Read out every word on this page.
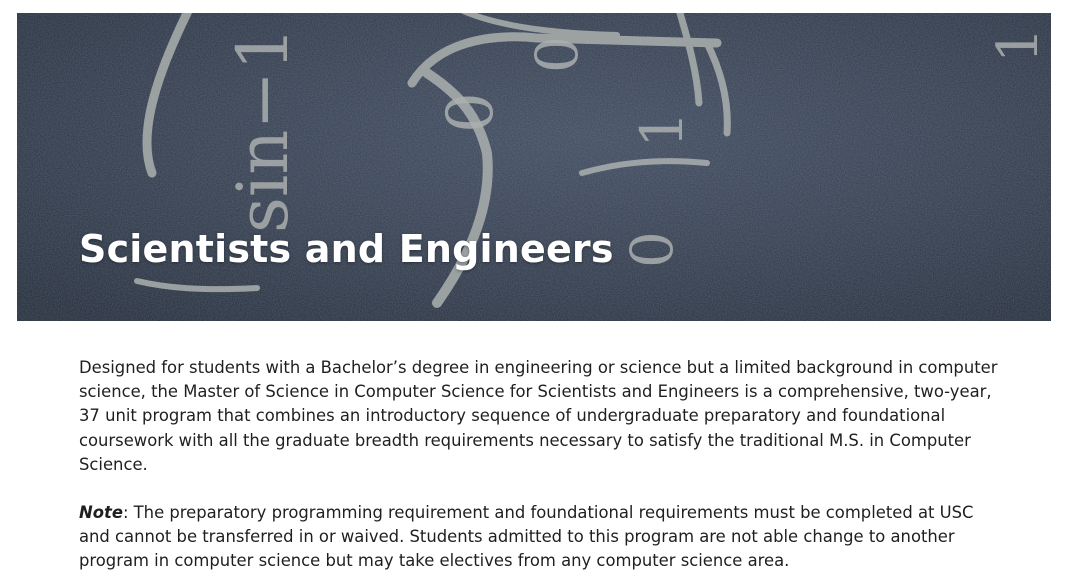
sin−1 0
0
1
0
1
Scientists and Engineers

Designed for students with a Bachelor’s degree in engineering or science but a limited background in computer science, the Master of Science in Computer Science for Scientists and Engineers is a comprehensive, two-year, 37 unit program that combines an introductory sequence of undergraduate preparatory and foundational coursework with all the graduate breadth requirements necessary to satisfy the traditional M.S. in Computer Science.

Note: The preparatory programming requirement and foundational requirements must be completed at USC and cannot be transferred in or waived. Students admitted to this program are not able change to another program in computer science but may take electives from any computer science area.
